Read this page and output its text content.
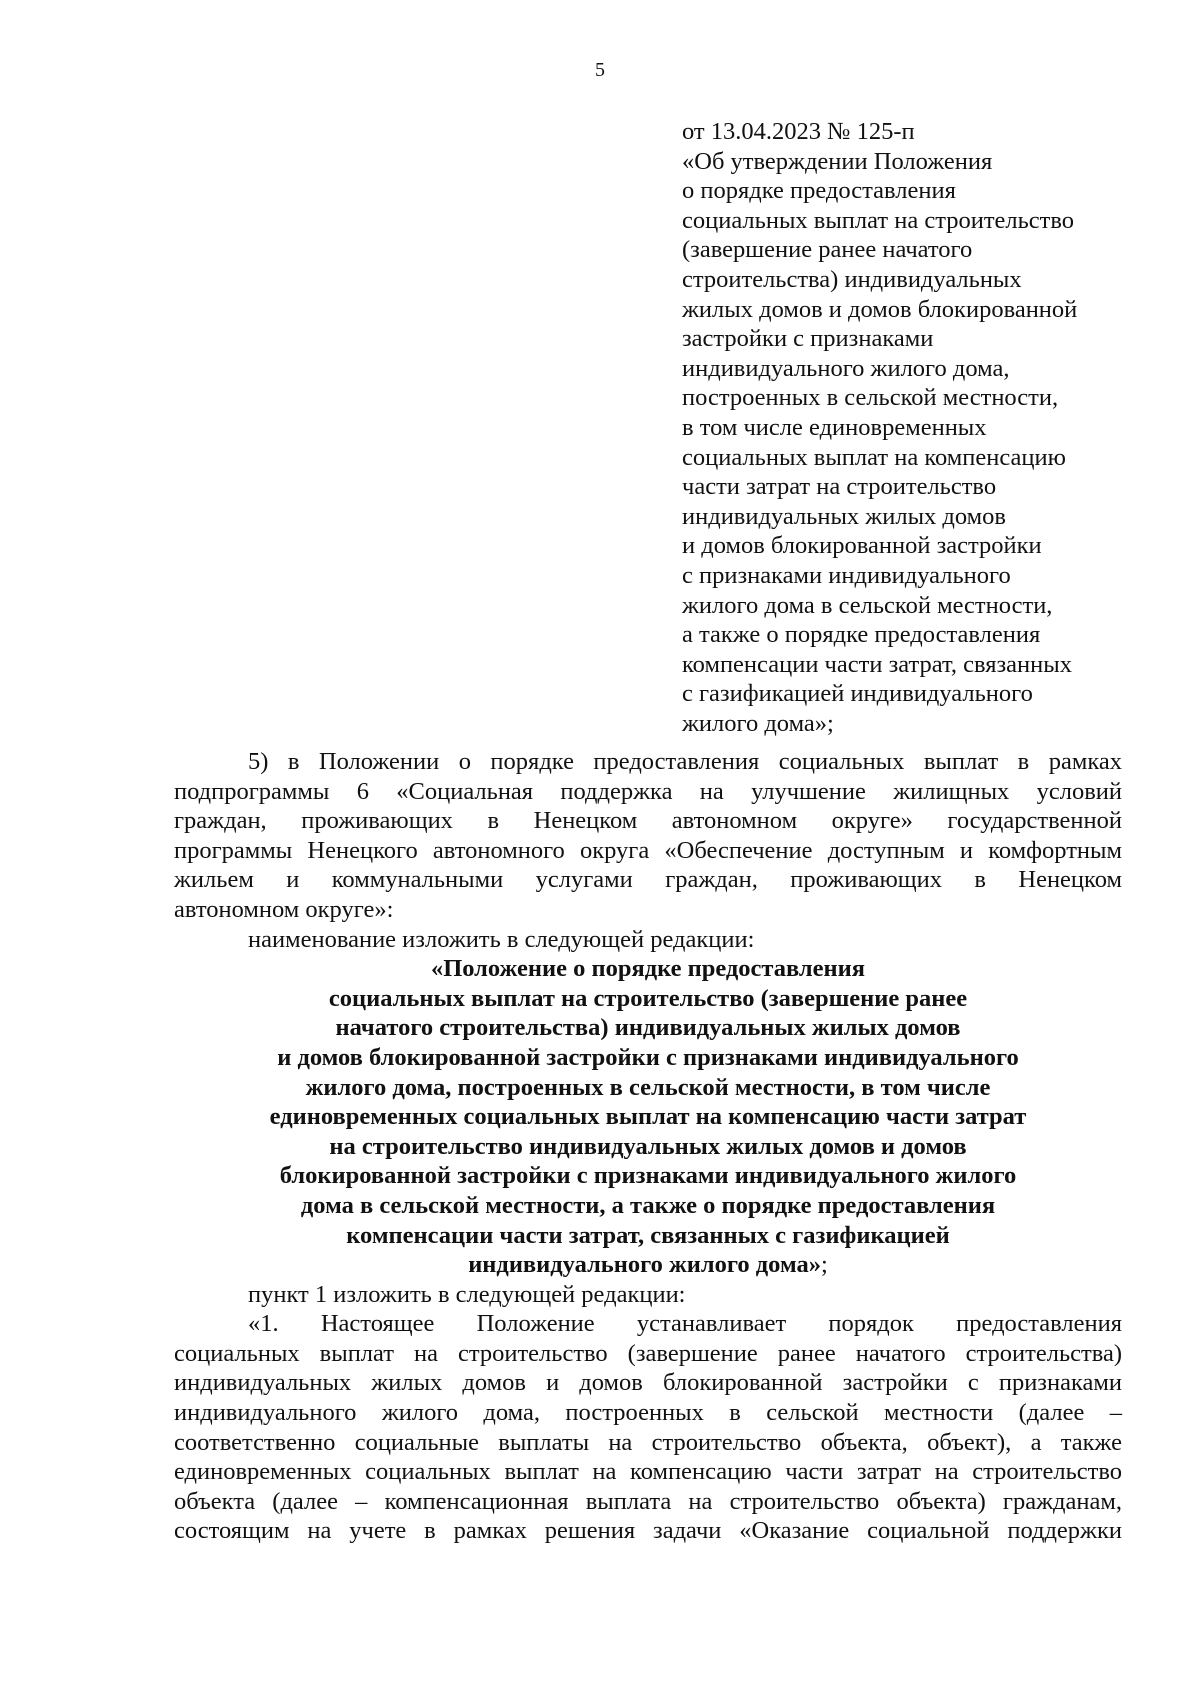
5
от 13.04.2023 № 125-п
«Об утверждении Положения
о порядке предоставления
социальных выплат на строительство
(завершение ранее начатого
строительства) индивидуальных
жилых домов и домов блокированной
застройки с признаками
индивидуального жилого дома,
построенных в сельской местности,
в том числе единовременных
социальных выплат на компенсацию
части затрат на строительство
индивидуальных жилых домов
и домов блокированной застройки
с признаками индивидуального
жилого дома в сельской местности,
а также о порядке предоставления
компенсации части затрат, связанных
с газификацией индивидуального
жилого дома»;
5) в Положении о порядке предоставления социальных выплат в рамках
подпрограммы 6 «Социальная поддержка на улучшение жилищных условий
граждан, проживающих в Ненецком автономном округе» государственной
программы Ненецкого автономного округа «Обеспечение доступным и комфортным
жильем и коммунальными услугами граждан, проживающих в Ненецком
автономном округе»:
наименование изложить в следующей редакции:
«Положение о порядке предоставления
социальных выплат на строительство (завершение ранее
начатого строительства) индивидуальных жилых домов
и домов блокированной застройки с признаками индивидуального
жилого дома, построенных в сельской местности, в том числе
единовременных социальных выплат на компенсацию части затрат
на строительство индивидуальных жилых домов и домов
блокированной застройки с признаками индивидуального жилого
дома в сельской местности, а также о порядке предоставления
компенсации части затрат, связанных с газификацией
индивидуального жилого дома»;
пункт 1 изложить в следующей редакции:
«1. Настоящее Положение устанавливает порядок предоставления
социальных выплат на строительство (завершение ранее начатого строительства)
индивидуальных жилых домов и домов блокированной застройки с признаками
индивидуального жилого дома, построенных в сельской местности (далее –
соответственно социальные выплаты на строительство объекта, объект), а также
единовременных социальных выплат на компенсацию части затрат на строительство
объекта (далее – компенсационная выплата на строительство объекта) гражданам,
состоящим на учете в рамках решения задачи «Оказание социальной поддержки
